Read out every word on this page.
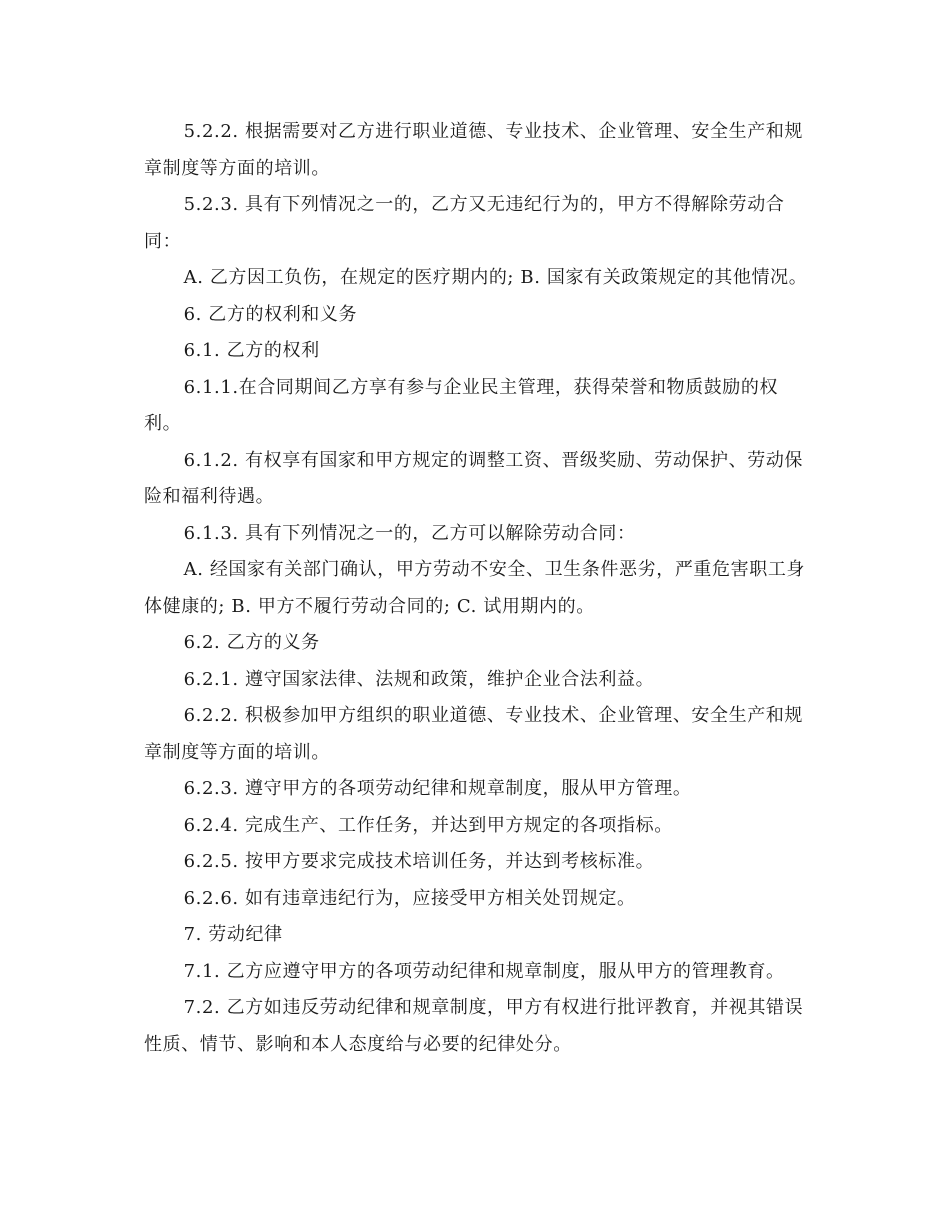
5.2.2. 根据需要对乙方进行职业道德、专业技术、企业管理、安全生产和规章制度等方面的培训。

5.2.3. 具有下列情况之一的，乙方又无违纪行为的，甲方不得解除劳动合同：

A. 乙方因工负伤，在规定的医疗期内的; B. 国家有关政策规定的其他情况。

6. 乙方的权利和义务

6.1. 乙方的权利

6.1.1.在合同期间乙方享有参与企业民主管理，获得荣誉和物质鼓励的权利。

6.1.2. 有权享有国家和甲方规定的调整工资、晋级奖励、劳动保护、劳动保险和福利待遇。

6.1.3. 具有下列情况之一的，乙方可以解除劳动合同：

A. 经国家有关部门确认，甲方劳动不安全、卫生条件恶劣，严重危害职工身体健康的; B. 甲方不履行劳动合同的; C. 试用期内的。

6.2. 乙方的义务

6.2.1. 遵守国家法律、法规和政策，维护企业合法利益。

6.2.2. 积极参加甲方组织的职业道德、专业技术、企业管理、安全生产和规章制度等方面的培训。

6.2.3. 遵守甲方的各项劳动纪律和规章制度，服从甲方管理。

6.2.4. 完成生产、工作任务，并达到甲方规定的各项指标。

6.2.5. 按甲方要求完成技术培训任务，并达到考核标准。

6.2.6. 如有违章违纪行为，应接受甲方相关处罚规定。

7. 劳动纪律

7.1. 乙方应遵守甲方的各项劳动纪律和规章制度，服从甲方的管理教育。

7.2. 乙方如违反劳动纪律和规章制度，甲方有权进行批评教育，并视其错误性质、情节、影响和本人态度给与必要的纪律处分。
